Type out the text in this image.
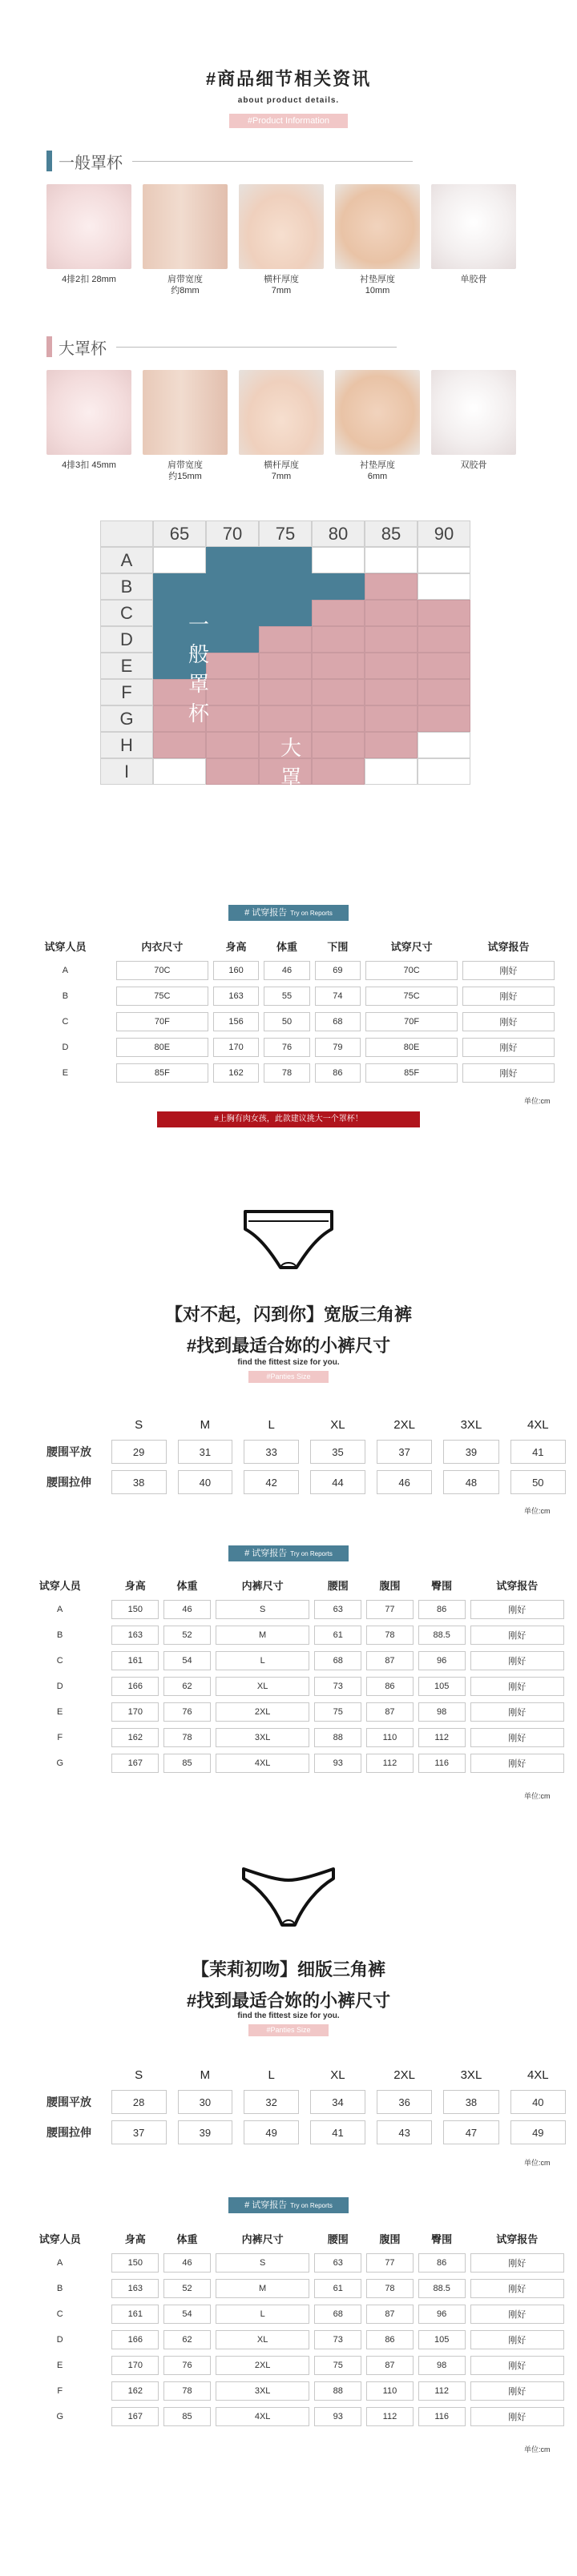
#商品细节相关资讯
about product details.
#Product Information
一般罩杯
4排2扣 28mm	肩带宽度
约8mm
横杆厚度
7mm
衬垫厚度
10mm
单胶骨
大罩杯
4排3扣 45mm	肩带宽度
约15mm
横杆厚度
7mm
衬垫厚度
6mm
双胶骨
65	70	75	80	85	90
A
B
C
D
E
F
G
H
I
一般罩杯
大罩杯
# 试穿报告 Try on Reports
试穿人员	内衣尺寸	身高	体重	下围	试穿尺寸	试穿报告
A	70C	160	46	69	70C	刚好
B	75C	163	55	74	75C	刚好
C	70F	156	50	68	70F	刚好
D	80E	170	76	79	80E	刚好
E	85F	162	78	86	85F	刚好
单位:cm
#上胸有肉女孩，此款建议挑大一个罩杯！
【对不起，闪到你】宽版三角裤
#找到最适合妳的小裤尺寸
find the fittest size for you.
#Panties Size
	S	M	L	XL	2XL	3XL	4XL
腰围平放	29	31	33	35	37	39	41
腰围拉伸	38	40	42	44	46	48	50
单位:cm
# 试穿报告 Try on Reports
试穿人员	身高	体重	内裤尺寸	腰围	腹围	臀围	试穿报告
A	150	46	S	63	77	86	刚好
B	163	52	M	61	78	88.5	刚好
C	161	54	L	68	87	96	刚好
D	166	62	XL	73	86	105	刚好
E	170	76	2XL	75	87	98	刚好
F	162	78	3XL	88	110	112	刚好
G	167	85	4XL	93	112	116	刚好
单位:cm
【茉莉初吻】细版三角裤
#找到最适合妳的小裤尺寸
find the fittest size for you.
#Panties Size
	S	M	L	XL	2XL	3XL	4XL
腰围平放	28	30	32	34	36	38	40
腰围拉伸	37	39	49	41	43	47	49
单位:cm
# 试穿报告 Try on Reports
试穿人员	身高	体重	内裤尺寸	腰围	腹围	臀围	试穿报告
A	150	46	S	63	77	86	刚好
B	163	52	M	61	78	88.5	刚好
C	161	54	L	68	87	96	刚好
D	166	62	XL	73	86	105	刚好
E	170	76	2XL	75	87	98	刚好
F	162	78	3XL	88	110	112	刚好
G	167	85	4XL	93	112	116	刚好
单位:cm
